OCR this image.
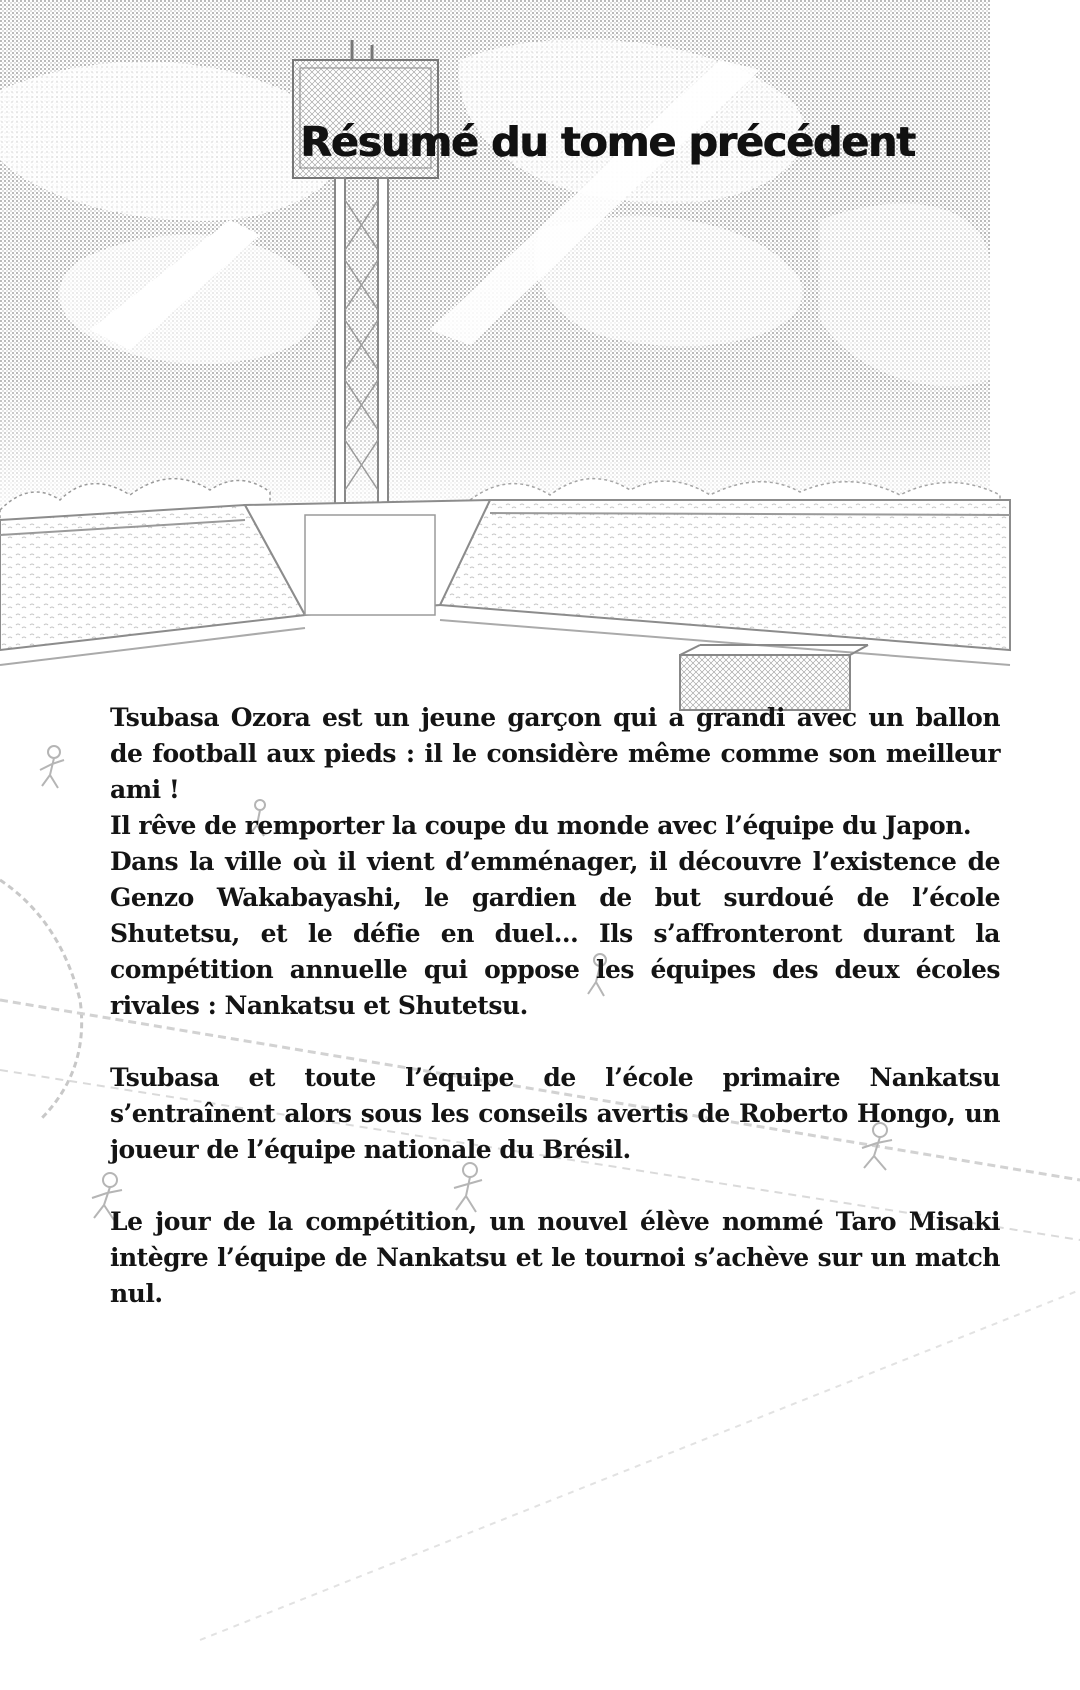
Résumé du tome précédent

Tsubasa Ozora est un jeune garçon qui a grandi avec un ballon de football aux pieds : il le considère même comme son meilleur ami !
Il rêve de remporter la coupe du monde avec l’équipe du Japon.
Dans la ville où il vient d’emménager, il découvre l’existence de Genzo Wakabayashi, le gardien de but surdoué de l’école Shutetsu, et le défie en duel… Ils s’affronteront durant la compétition annuelle qui oppose les équipes des deux écoles rivales : Nankatsu et Shutetsu.

Tsubasa et toute l’équipe de l’école primaire Nankatsu s’entraînent alors sous les conseils avertis de Roberto Hongo, un joueur de l’équipe nationale du Brésil.

Le jour de la compétition, un nouvel élève nommé Taro Misaki intègre l’équipe de Nankatsu et le tournoi s’achève sur un match nul.
